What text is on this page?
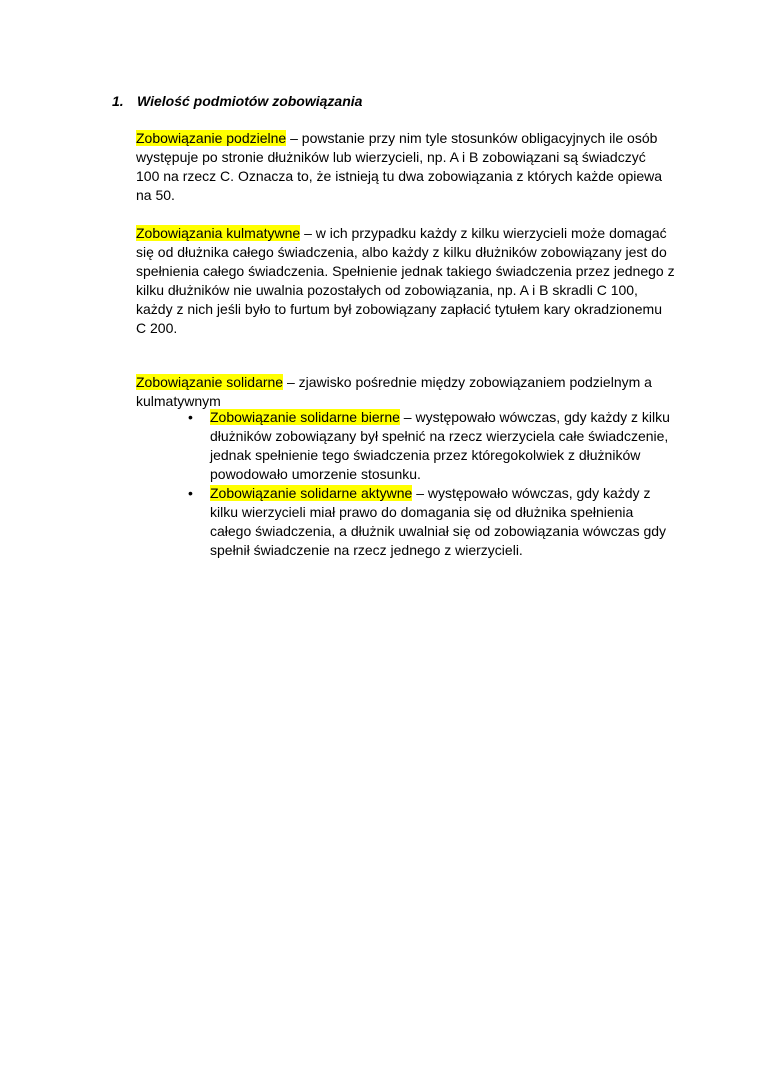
1. Wielość podmiotów zobowiązania
Zobowiązanie podzielne – powstanie przy nim tyle stosunków obligacyjnych ile osób
występuje po stronie dłużników lub wierzycieli, np. A i B zobowiązani są świadczyć
100 na rzecz C. Oznacza to, że istnieją tu dwa zobowiązania z których każde opiewa
na 50.
Zobowiązania kulmatywne – w ich przypadku każdy z kilku wierzycieli może domagać
się od dłużnika całego świadczenia, albo każdy z kilku dłużników zobowiązany jest do
spełnienia całego świadczenia. Spełnienie jednak takiego świadczenia przez jednego z
kilku dłużników nie uwalnia pozostałych od zobowiązania, np. A i B skradli C 100,
każdy z nich jeśli było to furtum był zobowiązany zapłacić tytułem kary okradzionemu
C 200.
Zobowiązanie solidarne – zjawisko pośrednie między zobowiązaniem podzielnym a
kulmatywnym
• Zobowiązanie solidarne bierne – występowało wówczas, gdy każdy z kilku
dłużników zobowiązany był spełnić na rzecz wierzyciela całe świadczenie,
jednak spełnienie tego świadczenia przez któregokolwiek z dłużników
powodowało umorzenie stosunku.
• Zobowiązanie solidarne aktywne – występowało wówczas, gdy każdy z
kilku wierzycieli miał prawo do domagania się od dłużnika spełnienia
całego świadczenia, a dłużnik uwalniał się od zobowiązania wówczas gdy
spełnił świadczenie na rzecz jednego z wierzycieli.
